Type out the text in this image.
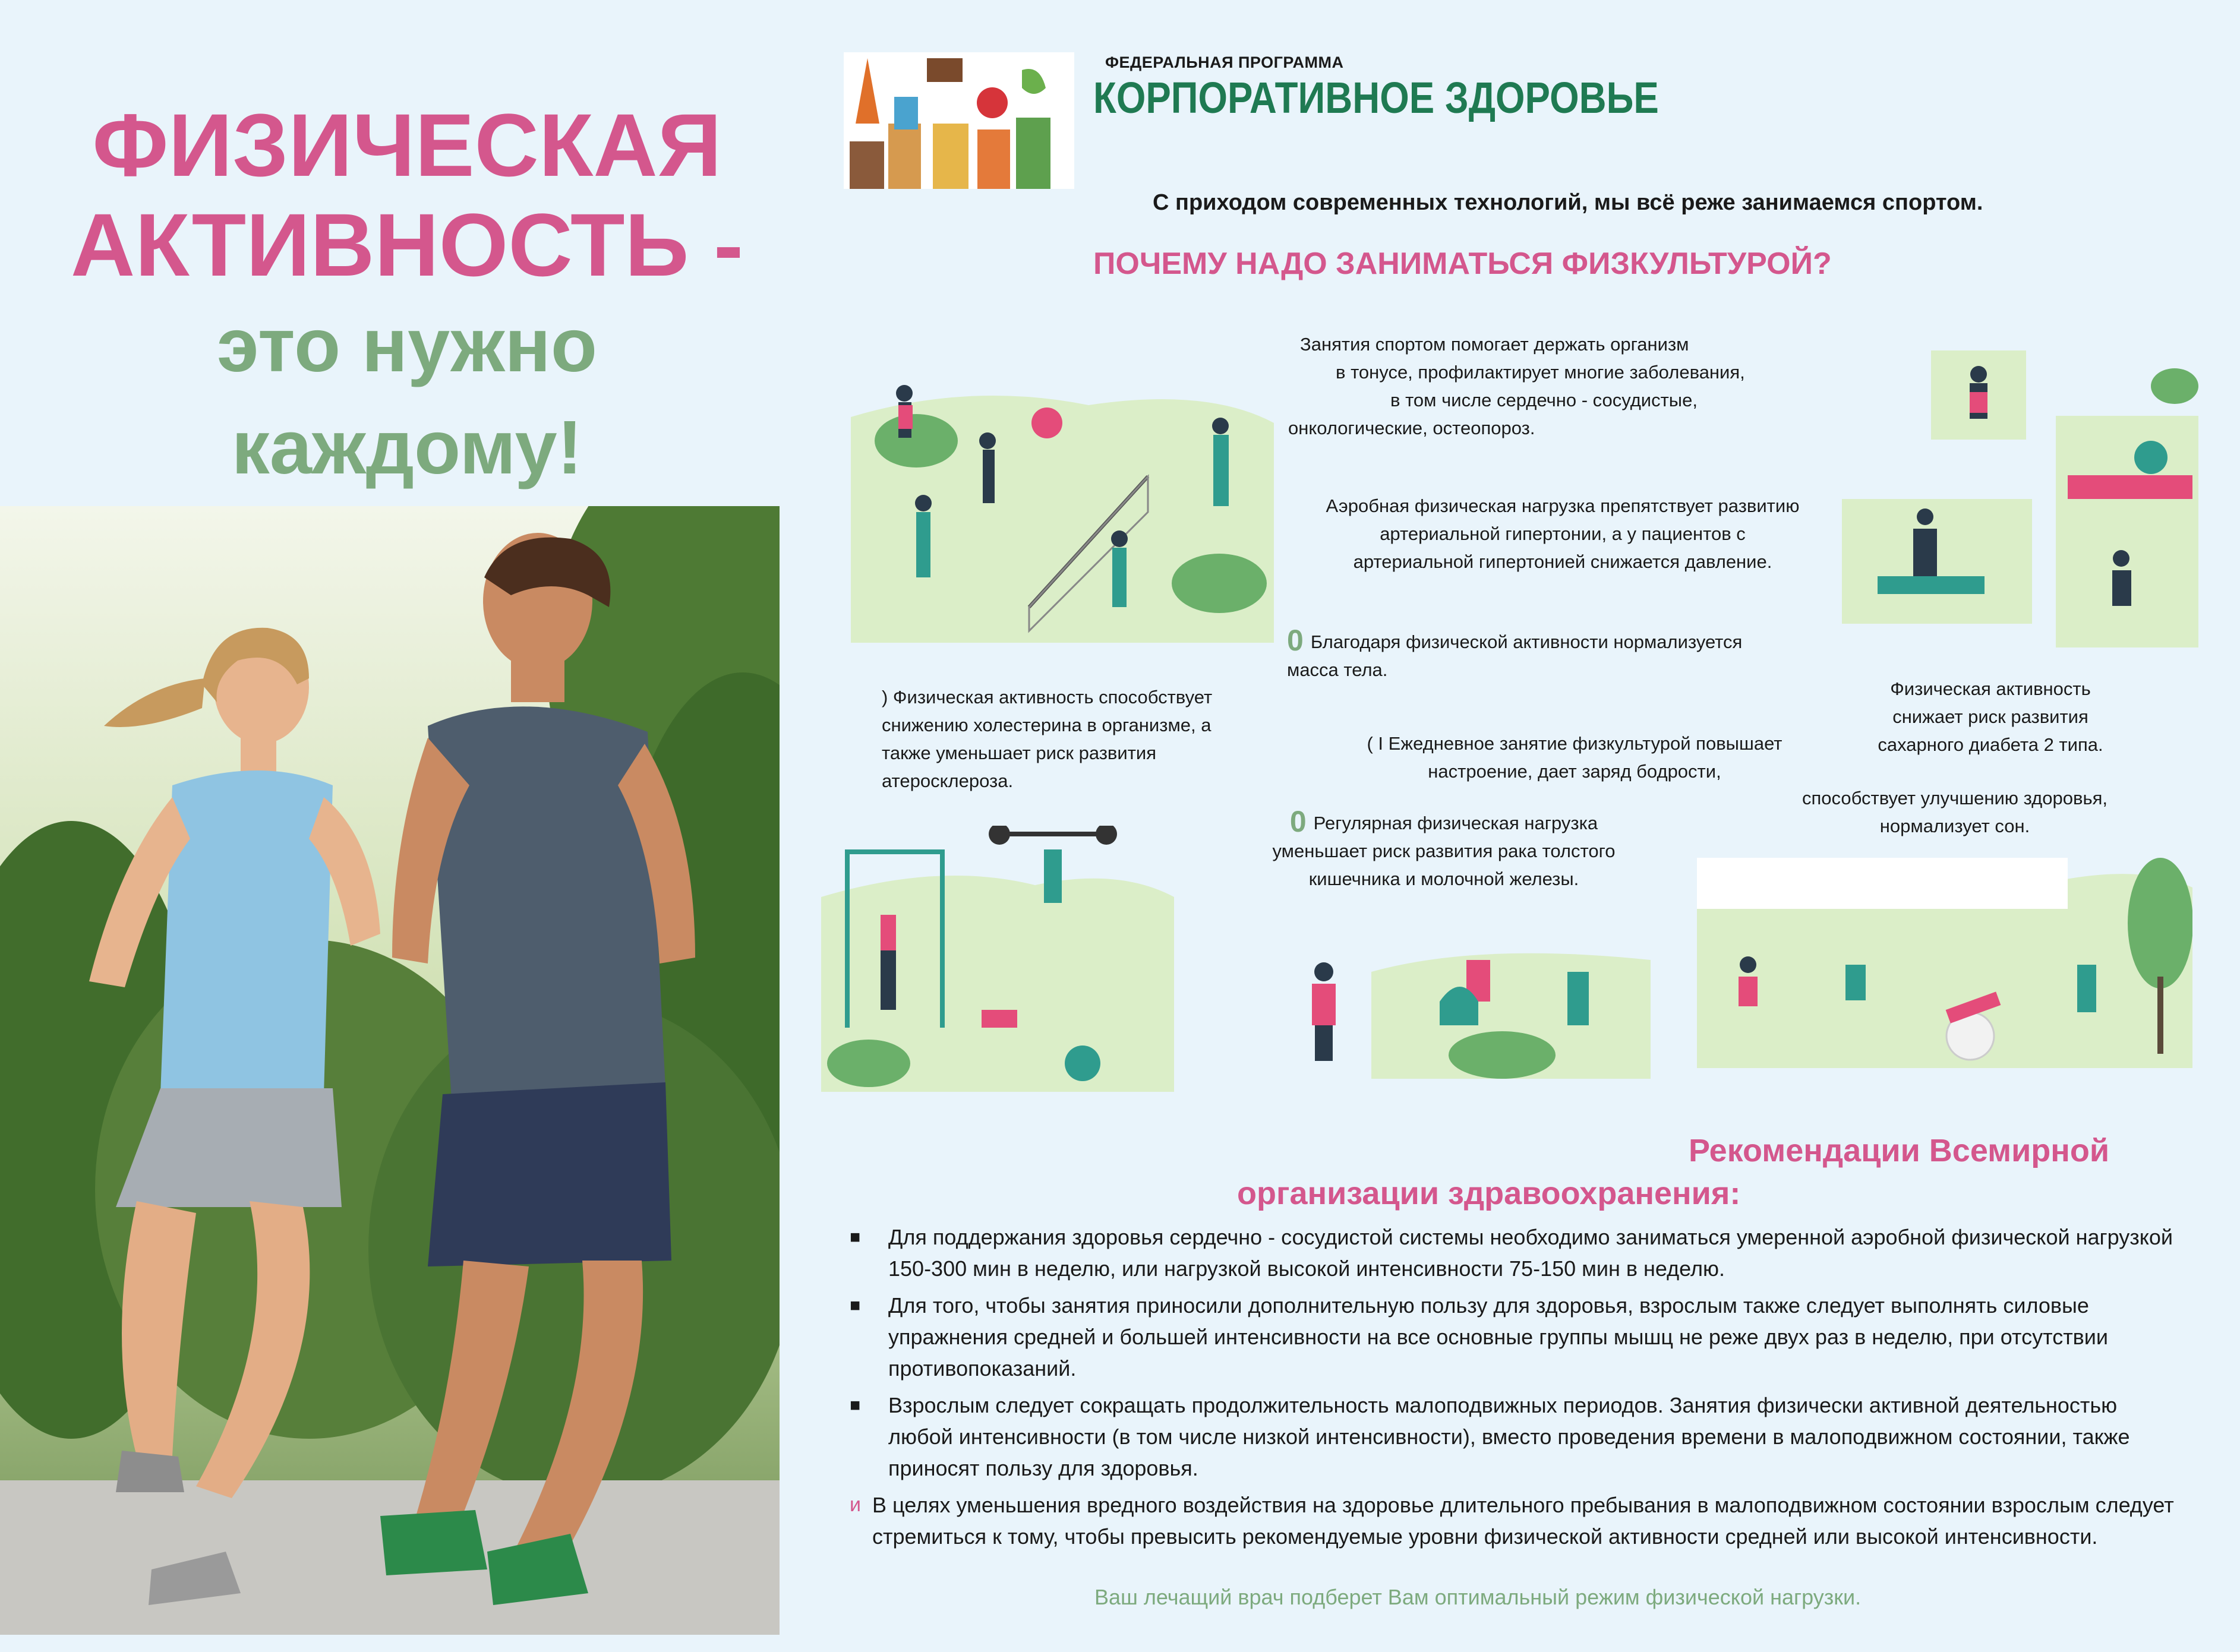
ФИЗИЧЕСКАЯ
АКТИВНОСТЬ -
это нужно
каждому!
ФЕДЕРАЛЬНАЯ ПРОГРАММА
КОРПОРАТИВНОЕ ЗДОРОВЬЕ
С приходом современных технологий, мы всё реже занимаемся спортом.
ПОЧЕМУ НАДО ЗАНИМАТЬСЯ ФИЗКУЛЬТУРОЙ?
Занятия спортом помогает держать организм
в тонусе, профилактирует многие заболевания,
в том числе сердечно - сосудистые,
онкологические, остеопороз.
Аэробная физическая нагрузка препятствует развитию артериальной гипертонии, а у пациентов с артериальной гипертонией снижается давление.
0 Благодаря физической активности нормализуется масса тела.
) Физическая активность способствует снижению холестерина в организме, а также уменьшает риск развития атеросклероза.
( I Ежедневное занятие физкультурой повышает настроение, дает заряд бодрости,
способствует улучшению здоровья, нормализует сон.
Физическая активность снижает риск развития сахарного диабета 2 типа.
0 Регулярная физическая нагрузка уменьшает риск развития рака толстого кишечника и молочной железы.
Рекомендации Всемирной
организации здравоохранения:
■	Для поддержания здоровья сердечно - сосудистой системы необходимо заниматься умеренной аэробной физической нагрузкой 150-300 мин в неделю, или нагрузкой высокой интенсивности 75-150 мин в неделю.
■	Для того, чтобы занятия приносили дополнительную пользу для здоровья, взрослым также следует выполнять силовые упражнения средней и большей интенсивности на все основные группы мышц не реже двух раз в неделю, при отсутствии противопоказаний.
■	Взрослым следует сокращать продолжительность малоподвижных периодов. Занятия физически активной деятельностью любой интенсивности (в том числе низкой интенсивности), вместо проведения времени в малоподвижном состоянии, также приносят пользу для здоровья.
и В целях уменьшения вредного воздействия на здоровье длительного пребывания в малоподвижном состоянии взрослым следует стремиться к тому, чтобы превысить рекомендуемые уровни физической активности средней или высокой интенсивности.
Ваш лечащий врач подберет Вам оптимальный режим физической нагрузки.
